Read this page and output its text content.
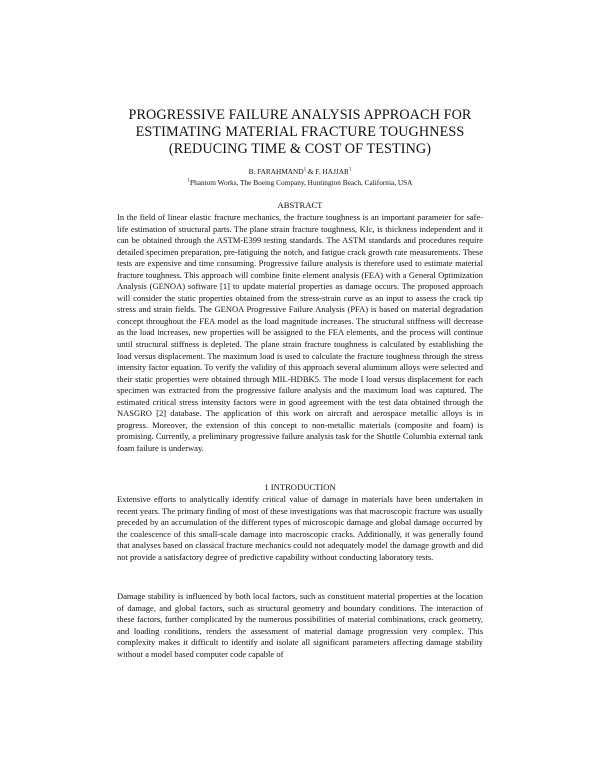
PROGRESSIVE FAILURE ANALYSIS APPROACH FOR
ESTIMATING MATERIAL FRACTURE TOUGHNESS
(REDUCING TIME & COST OF TESTING)
B. FARAHMAND$^1$ & F. HAJJAR$^1$
$^1$Phantom Works, The Boeing Company, Huntington Beach, California, USA
ABSTRACT

In the field of linear elastic fracture mechanics, the fracture toughness is an important parameter for safe-life estimation of structural parts. The plane strain fracture toughness, KIc, is thickness independent and it can be obtained through the ASTM-E399 testing standards. The ASTM standards and procedures require detailed specimen preparation, pre-fatiguing the notch, and fatigue crack growth rate measurements. These tests are expensive and time consuming. Progressive failure analysis is therefore used to estimate material fracture toughness. This approach will combine finite element analysis (FEA) with a General Optimization Analysis (GENOA) software [1] to update material properties as damage occurs. The proposed approach will consider the static properties obtained from the stress-strain curve as an input to assess the crack tip stress and strain fields. The GENOA Progressive Failure Analysis (PFA) is based on material degradation concept throughout the FEA model as the load magnitude increases. The structural stiffness will decrease as the load increases, new properties will be assigned to the FEA elements, and the process will continue until structural stiffness is depleted. The plane strain fracture toughness is calculated by establishing the load versus displacement. The maximum load is used to calculate the fracture toughness through the stress intensity factor equation. To verify the validity of this approach several aluminum alloys were selected and their static properties were obtained through MIL-HDBK5. The mode I load versus displacement for each specimen was extracted from the progressive failure analysis and the maximum load was captured. The estimated critical stress intensity factors were in good agreement with the test data obtained through the NASGRO [2] database. The application of this work on aircraft and aerospace metallic alloys is in progress. Moreover, the extension of this concept to non-metallic materials (composite and foam) is promising. Currently, a preliminary progressive failure analysis task for the Shuttle Columbia external tank foam failure is underway.

1 INTRODUCTION

Extensive efforts to analytically identify critical value of damage in materials have been undertaken in recent years. The primary finding of most of these investigations was that macroscopic fracture was usually preceded by an accumulation of the different types of microscopic damage and global damage occurred by the coalescence of this small-scale damage into macroscopic cracks. Additionally, it was generally found that analyses based on classical fracture mechanics could not adequately model the damage growth and did not provide a satisfactory degree of predictive capability without conducting laboratory tests.

Damage stability is influenced by both local factors, such as constituent material properties at the location of damage, and global factors, such as structural geometry and boundary conditions. The interaction of these factors, further complicated by the numerous possibilities of material combinations, crack geometry, and loading conditions, renders the assessment of material damage progression very complex. This complexity makes it difficult to identify and isolate all significant parameters affecting damage stability without a model based computer code capable of
